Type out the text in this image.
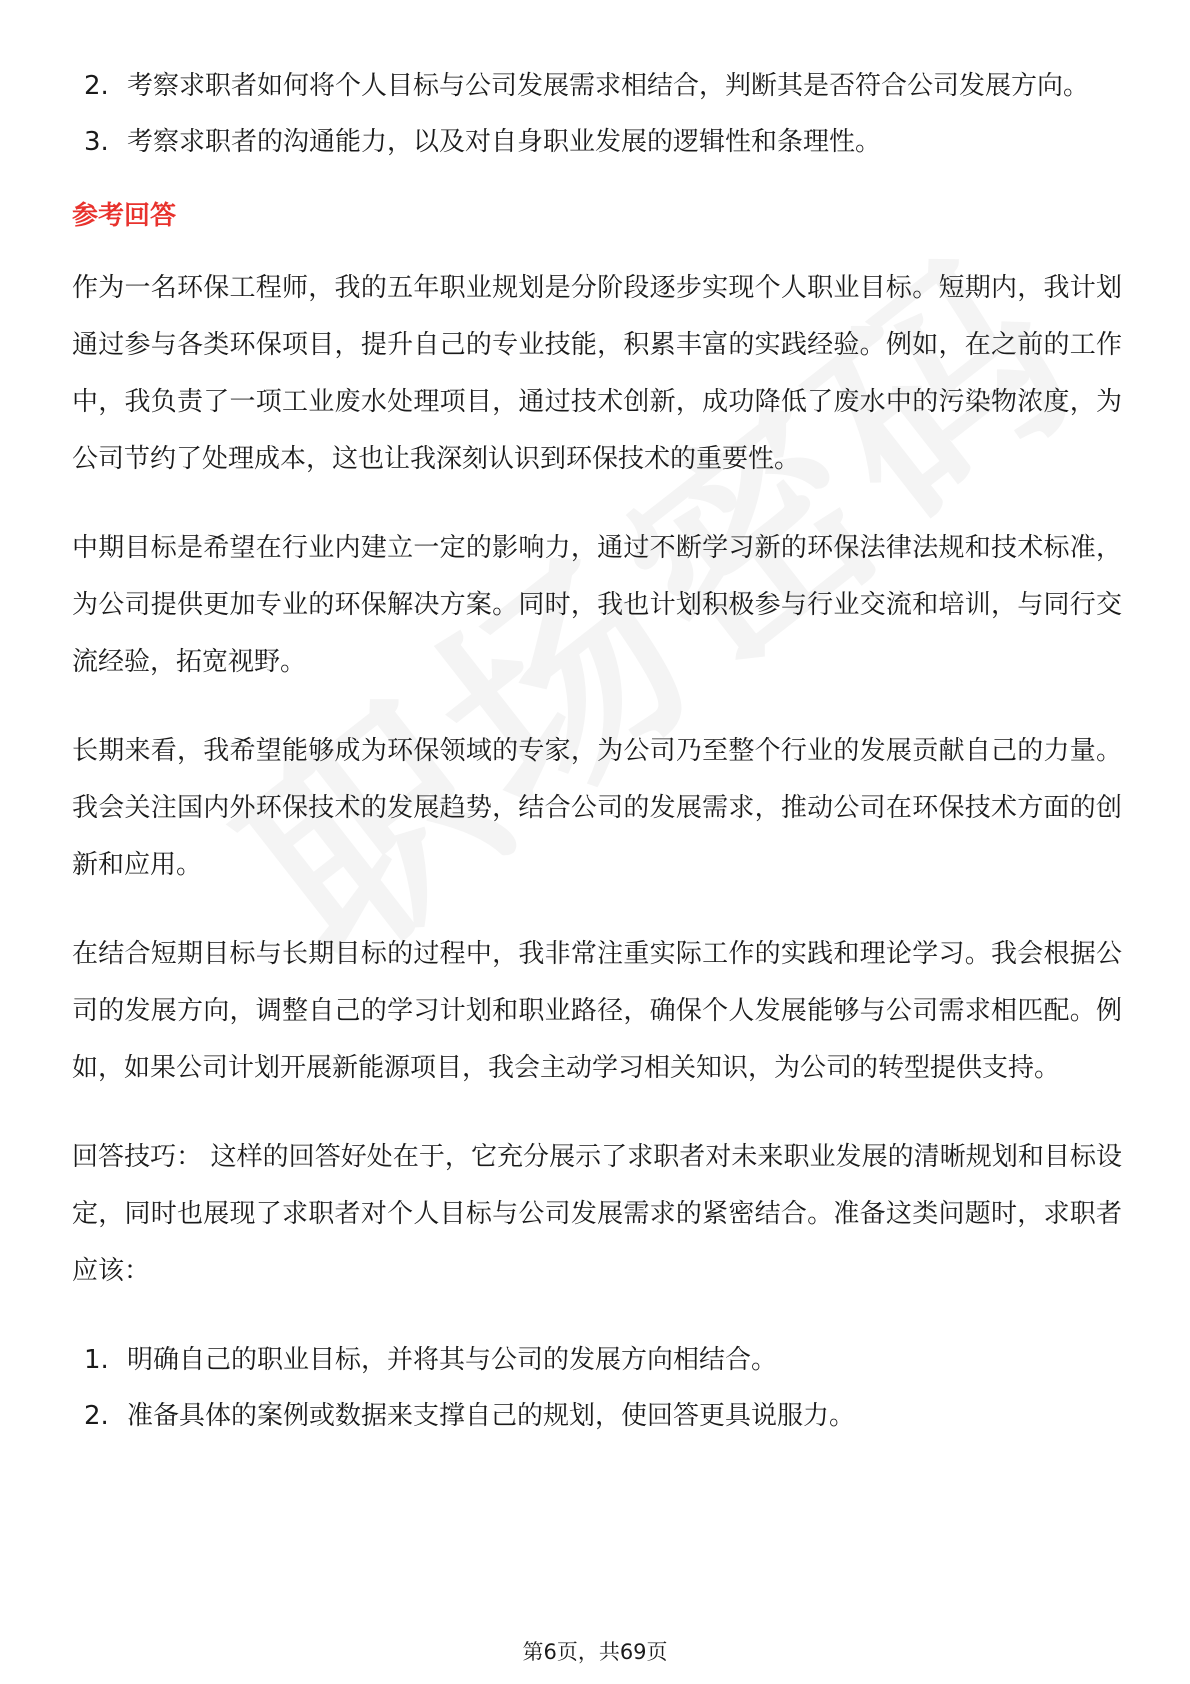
2. 考察求职者如何将个人目标与公司发展需求相结合，判断其是否符合公司发展方向。
3. 考察求职者的沟通能力，以及对自身职业发展的逻辑性和条理性。
参考回答

作为一名环保工程师，我的五年职业规划是分阶段逐步实现个人职业目标。短期内，我计划通过参与各类环保项目，提升自己的专业技能，积累丰富的实践经验。例如，在之前的工作中，我负责了一项工业废水处理项目，通过技术创新，成功降低了废水中的污染物浓度，为公司节约了处理成本，这也让我深刻认识到环保技术的重要性。

中期目标是希望在行业内建立一定的影响力，通过不断学习新的环保法律法规和技术标准，为公司提供更加专业的环保解决方案。同时，我也计划积极参与行业交流和培训，与同行交流经验，拓宽视野。

长期来看，我希望能够成为环保领域的专家，为公司乃至整个行业的发展贡献自己的力量。我会关注国内外环保技术的发展趋势，结合公司的发展需求，推动公司在环保技术方面的创新和应用。

在结合短期目标与长期目标的过程中，我非常注重实际工作的实践和理论学习。我会根据公司的发展方向，调整自己的学习计划和职业路径，确保个人发展能够与公司需求相匹配。例如，如果公司计划开展新能源项目，我会主动学习相关知识，为公司的转型提供支持。

回答技巧： 这样的回答好处在于，它充分展示了求职者对未来职业发展的清晰规划和目标设定，同时也展现了求职者对个人目标与公司发展需求的紧密结合。准备这类问题时，求职者应该：

1. 明确自己的职业目标，并将其与公司的发展方向相结合。
2. 准备具体的案例或数据来支撑自己的规划，使回答更具说服力。
第6页，共69页
